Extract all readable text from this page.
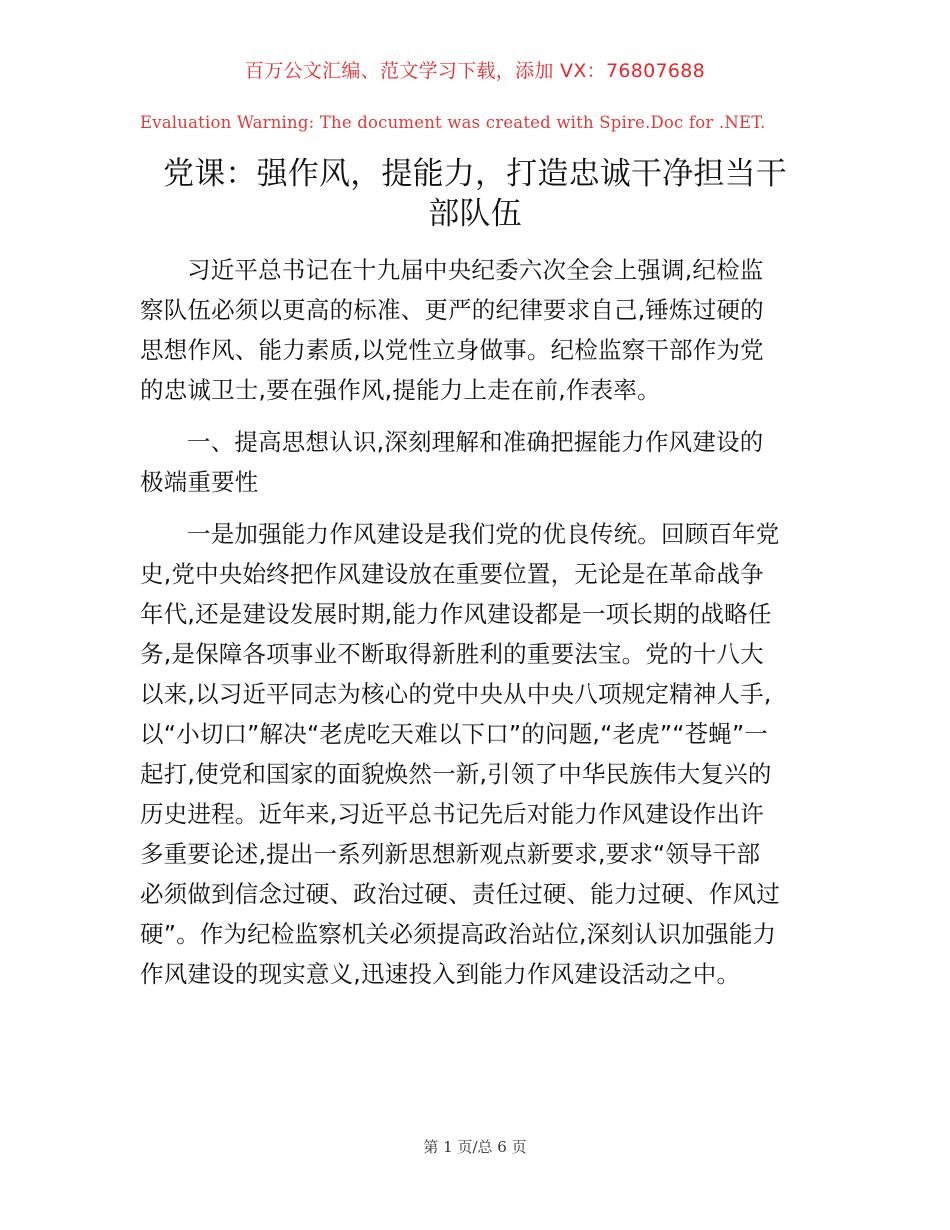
百万公文汇编、范文学习下载，添加 VX：76807688
Evaluation Warning: The document was created with Spire.Doc for .NET.
党课：强作风，提能力，打造忠诚干净担当干
部队伍
习近平总书记在十九届中央纪委六次全会上强调,纪检监
察队伍必须以更高的标准、更严的纪律要求自己,锤炼过硬的
思想作风、能力素质,以党性立身做事。纪检监察干部作为党
的忠诚卫士,要在强作风,提能力上走在前,作表率。
一、提高思想认识,深刻理解和准确把握能力作风建设的
极端重要性
一是加强能力作风建设是我们党的优良传统。回顾百年党
史,党中央始终把作风建设放在重要位置，无论是在革命战争
年代,还是建设发展时期,能力作风建设都是一项长期的战略任
务,是保障各项事业不断取得新胜利的重要法宝。党的十八大
以来,以习近平同志为核心的党中央从中央八项规定精神人手,
以“小切口”解决“老虎吃天难以下口”的问题,“老虎”“苍蝇”一
起打,使党和国家的面貌焕然一新,引领了中华民族伟大复兴的
历史进程。近年来,习近平总书记先后对能力作风建设作出许
多重要论述,提出一系列新思想新观点新要求,要求“领导干部
必须做到信念过硬、政治过硬、责任过硬、能力过硬、作风过
硬”。作为纪检监察机关必须提高政治站位,深刻认识加强能力
作风建设的现实意义,迅速投入到能力作风建设活动之中。
第 1 页/总 6 页
